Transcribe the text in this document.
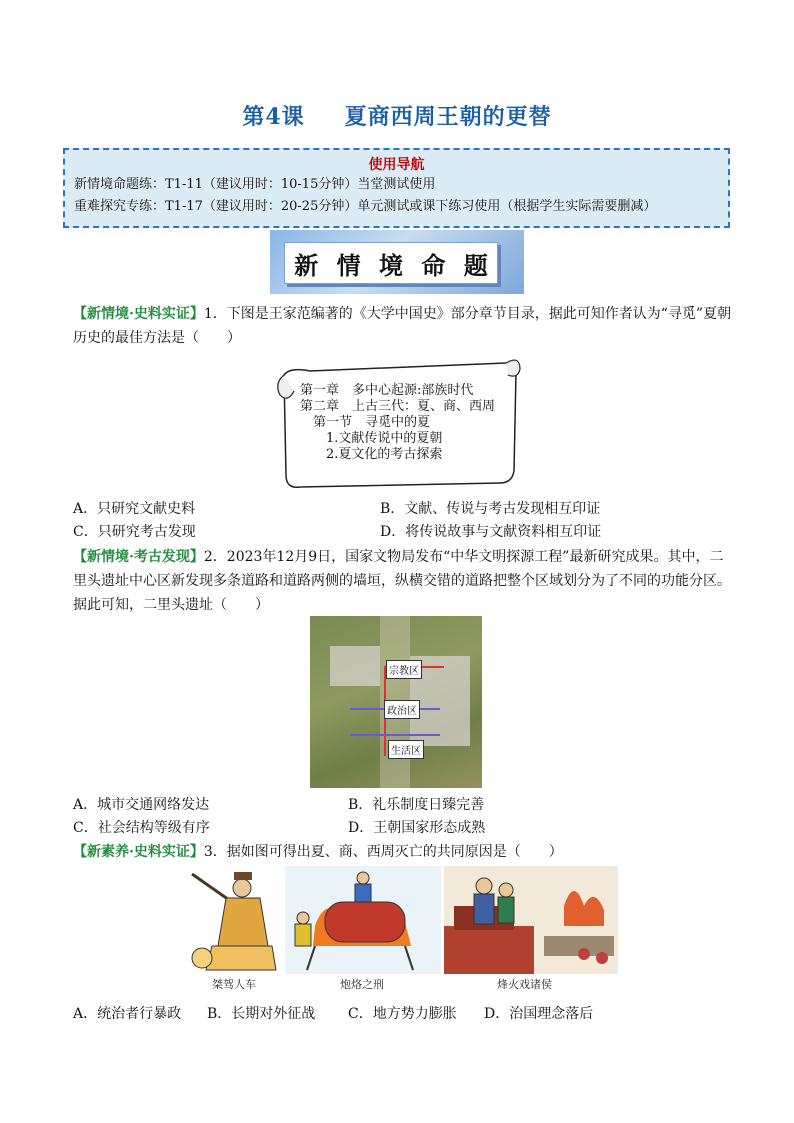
第4课 夏商西周王朝的更替
使用导航
新情境命题练：T1-11（建议用时：10-15分钟）当堂测试使用
重难探究专练：T1-17（建议用时：20-25分钟）单元测试或课下练习使用（根据学生实际需要删减）
新 情 境 命 题
【新情境·史料实证】1．下图是王家范编著的《大学中国史》部分章节目录，据此可知作者认为“寻觅”夏朝历史的最佳方法是（　　）
第一章　多中心起源:部族时代
第二章　上古三代：夏、商、西周
　第一节　寻觅中的夏
　　1.文献传说中的夏朝
　　2.夏文化的考古探索
A．只研究文献史料	B．文献、传说与考古发现相互印证
C．只研究考古发现	D．将传说故事与文献资料相互印证
【新情境·考古发现】2．2023年12月9日，国家文物局发布“中华文明探源工程”最新研究成果。其中，二里头遗址中心区新发现多条道路和道路两侧的墙垣，纵横交错的道路把整个区域划分为了不同的功能分区。据此可知，二里头遗址（　　）
宗教区
政治区
生活区
A．城市交通网络发达	B．礼乐制度日臻完善
C．社会结构等级有序	D．王朝国家形态成熟
【新素养·史料实证】3．据如图可得出夏、商、西周灭亡的共同原因是（　　）
桀驾人车	炮烙之刑	烽火戏诸侯
A．统治者行暴政 B．长期对外征战 C．地方势力膨胀 D．治国理念落后
